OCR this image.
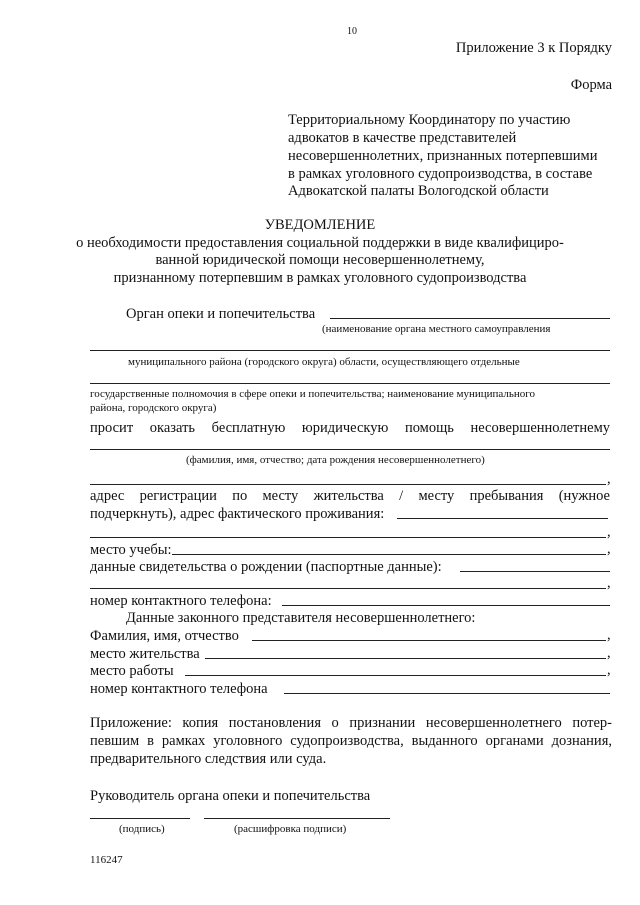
10
Приложение 3 к Порядку
Форма
Территориальному Координатору по участию
адвокатов в качестве представителей
несовершеннолетних, признанных потерпевшими
в рамках уголовного судопроизводства, в составе
Адвокатской палаты Вологодской области
УВЕДОМЛЕНИЕ
о необходимости предоставления социальной поддержки в виде квалифициро-
ванной юридической помощи несовершеннолетнему,
признанному потерпевшим в рамках уголовного судопроизводства
Орган опеки и попечительства
(наименование органа местного самоуправления
муниципального района (городского округа) области, осуществляющего отдельные
государственные полномочия в сфере опеки и попечительства; наименование муниципального
района, городского округа)
просит оказать бесплатную юридическую помощь несовершеннолетнему
(фамилия, имя, отчество; дата рождения несовершеннолетнего)
,
адрес регистрации по месту жительства / месту пребывания (нужное
подчеркнуть), адрес фактического проживания:
,
место учебы:	,
данные свидетельства о рождении (паспортные данные):
,
номер контактного телефона:
Данные законного представителя несовершеннолетнего:
Фамилия, имя, отчество	,
место жительства	,
место работы	,
номер контактного телефона
Приложение: копия постановления о признании несовершеннолетнего потер-
певшим в рамках уголовного судопроизводства, выданного органами дознания,
предварительного следствия или суда.
Руководитель органа опеки и попечительства
(подпись)	(расшифровка подписи)
116247
